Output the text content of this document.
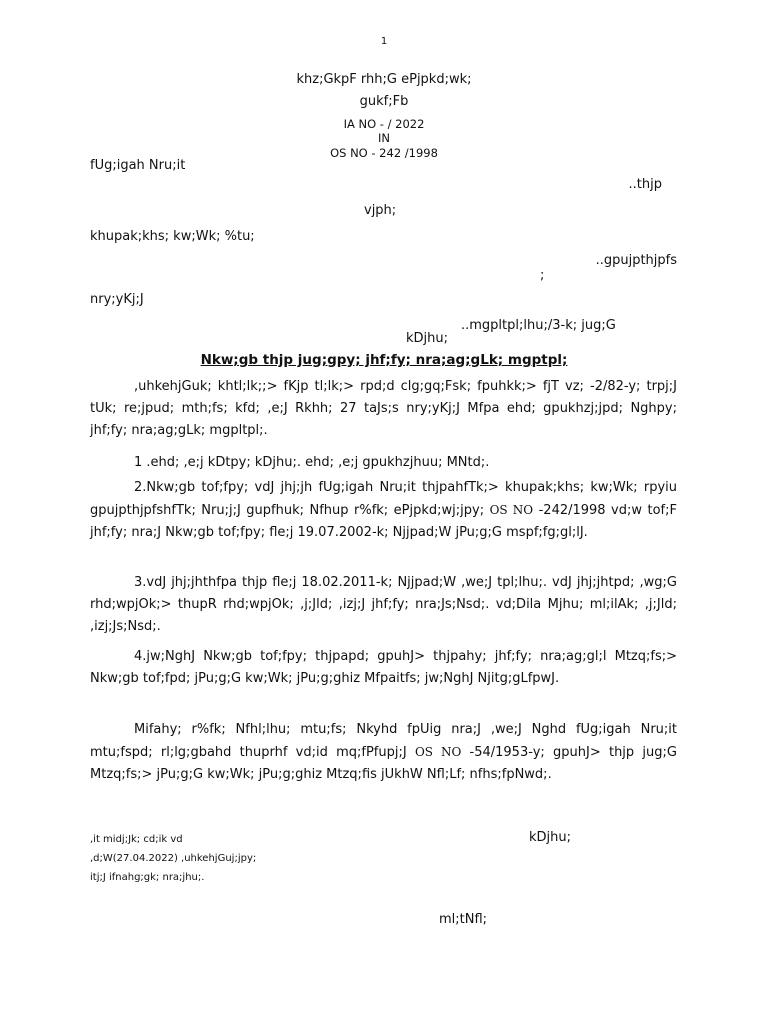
1
khz;GkpF rhh;G ePjpkd;wk;
gukf;Fb
IA NO - / 2022
IN
OS NO - 242 /1998
fUg;igah Nru;it
..thjp
vjph;
khupak;khs; kw;Wk; %tu;
..gpujpthjpfs
;
nry;yKj;J
..mgpltpl;lhu;/3-k; jug;G
kDjhu;
Nkw;gb thjp jug;gpy; jhf;fy; nra;ag;gLk; mgptpl;

,uhkehjGuk; khtl;lk;;> fKjp tl;lk;> rpd;d clg;gq;Fsk; fpuhkk;> fjT vz; -2/82-y; trpj;J tUk; re;jpud; mth;fs; kfd; ,e;J Rkhh; 27 taJs;s nry;yKj;J Mfpa ehd; gpukhzj;jpd; Nghpy; jhf;fy; nra;ag;gLk; mgpltpl;.

1 .ehd; ,e;j kDtpy; kDjhu;. ehd; ,e;j gpukhzjhuu; MNtd;.

2.Nkw;gb tof;fpy; vdJ jhj;jh fUg;igah Nru;it thjpahfTk;> khupak;khs; kw;Wk; rpyiu gpujpthjpfshfTk; Nru;j;J gupfhuk; Nfhup r%fk; ePjpkd;wj;jpy; OS NO -242/1998 vd;w tof;F jhf;fy; nra;J Nkw;gb tof;fpy; fle;j 19.07.2002-k; Njjpad;W jPu;g;G mspf;fg;gl;lJ.

3.vdJ jhj;jhthfpa thjp fle;j 18.02.2011-k; Njjpad;W ,we;J tpl;lhu;. vdJ jhj;jhtpd; ,wg;G rhd;wpjOk;> thupR rhd;wpjOk; ,j;Jld; ,izj;J jhf;fy; nra;Js;Nsd;. vd;Dila Mjhu; ml;ilAk; ,j;Jld; ,izj;Js;Nsd;.

4.jw;NghJ Nkw;gb tof;fpy; thjpapd; gpuhJ> thjpahy; jhf;fy; nra;ag;gl;l Mtzq;fs;> Nkw;gb tof;fpd; jPu;g;G kw;Wk; jPu;g;ghiz Mfpaitfs; jw;NghJ Njitg;gLfpwJ.

Mifahy; r%fk; Nfhl;lhu; mtu;fs; Nkyhd fpUig nra;J ,we;J Nghd fUg;igah Nru;it mtu;fspd; rl;lg;gbahd thuprhf vd;id mq;fPfupj;J OS NO -54/1953-y; gpuhJ> thjp jug;G Mtzq;fs;> jPu;g;G kw;Wk; jPu;g;ghiz Mtzq;fis jUkhW Nfl;Lf; nfhs;fpNwd;.

,it midj;Jk; cd;ik vd	kDjhu;
,d;W(27.04.2022) ,uhkehjGuj;jpy;
itj;J ifnahg;gk; nra;jhu;.
ml;tNfl;
